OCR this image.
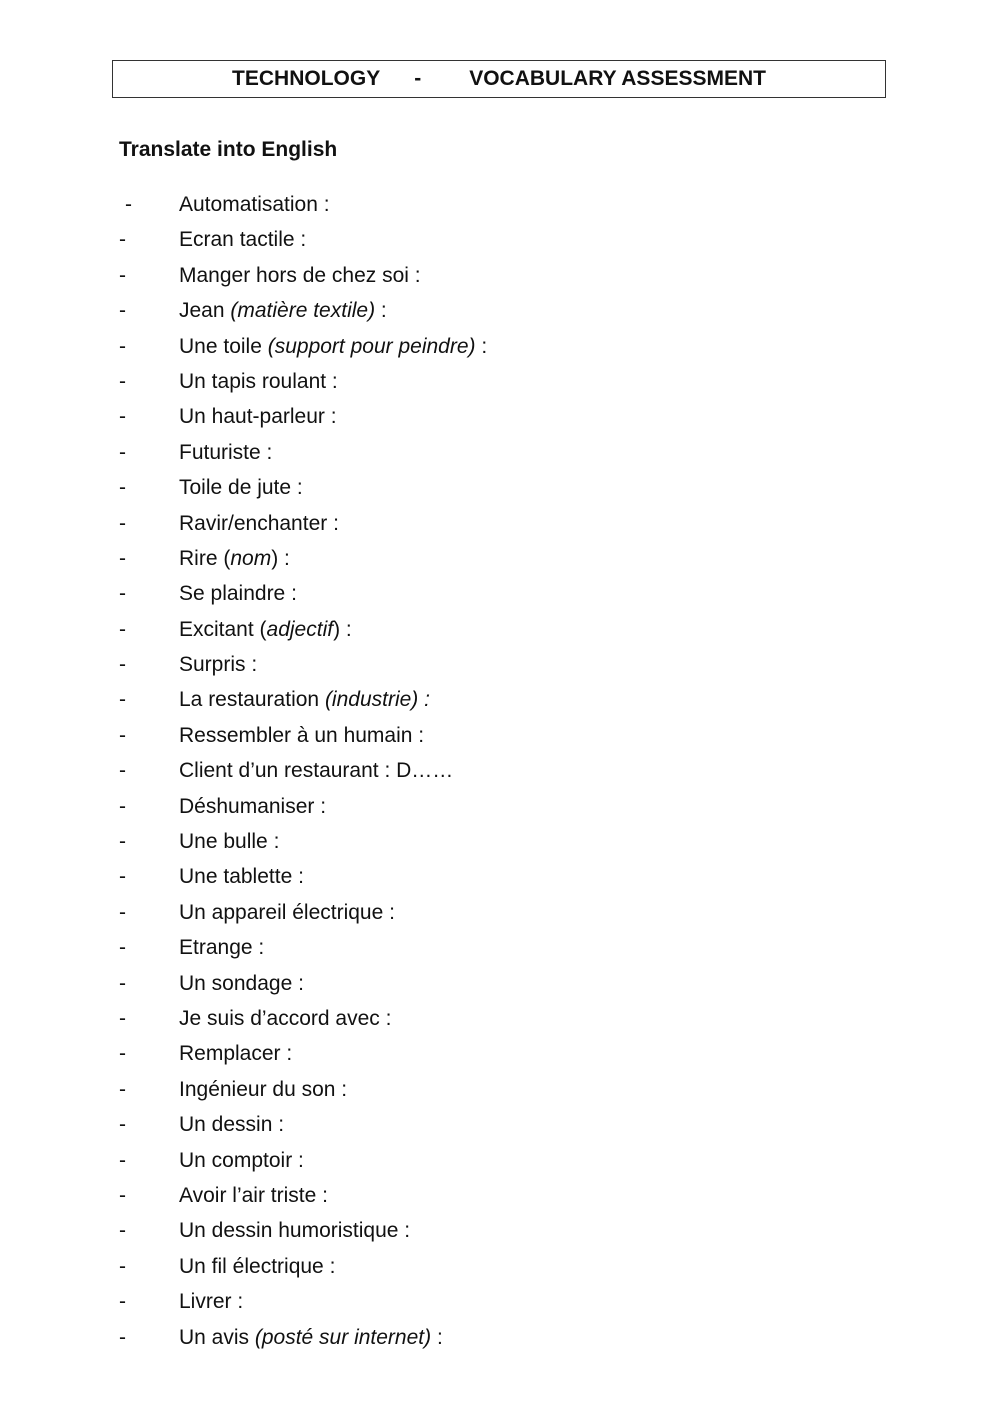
TECHNOLOGY - VOCABULARY ASSESSMENT
Translate into English
- Automatisation :
-	Ecran tactile :
-	Manger hors de chez soi :
-	Jean (matière textile) :
-	Une toile (support pour peindre) :
-	Un tapis roulant :
-	Un haut-parleur :
-	Futuriste :
-	Toile de jute :
-	Ravir/enchanter :
-	Rire (nom) :
-	Se plaindre :
-	Excitant (adjectif) :
-	Surpris :
-	La restauration (industrie) :
-	Ressembler à un humain :
-	Client d’un restaurant : D……
-	Déshumaniser :
-	Une bulle :
-	Une tablette :
-	Un appareil électrique :
-	Etrange :
-	Un sondage :
-	Je suis d’accord avec :
-	Remplacer :
-	Ingénieur du son :
-	Un dessin :
-	Un comptoir :
-	Avoir l’air triste :
-	Un dessin humoristique :
-	Un fil électrique :
-	Livrer :
-	Un avis (posté sur internet) :
